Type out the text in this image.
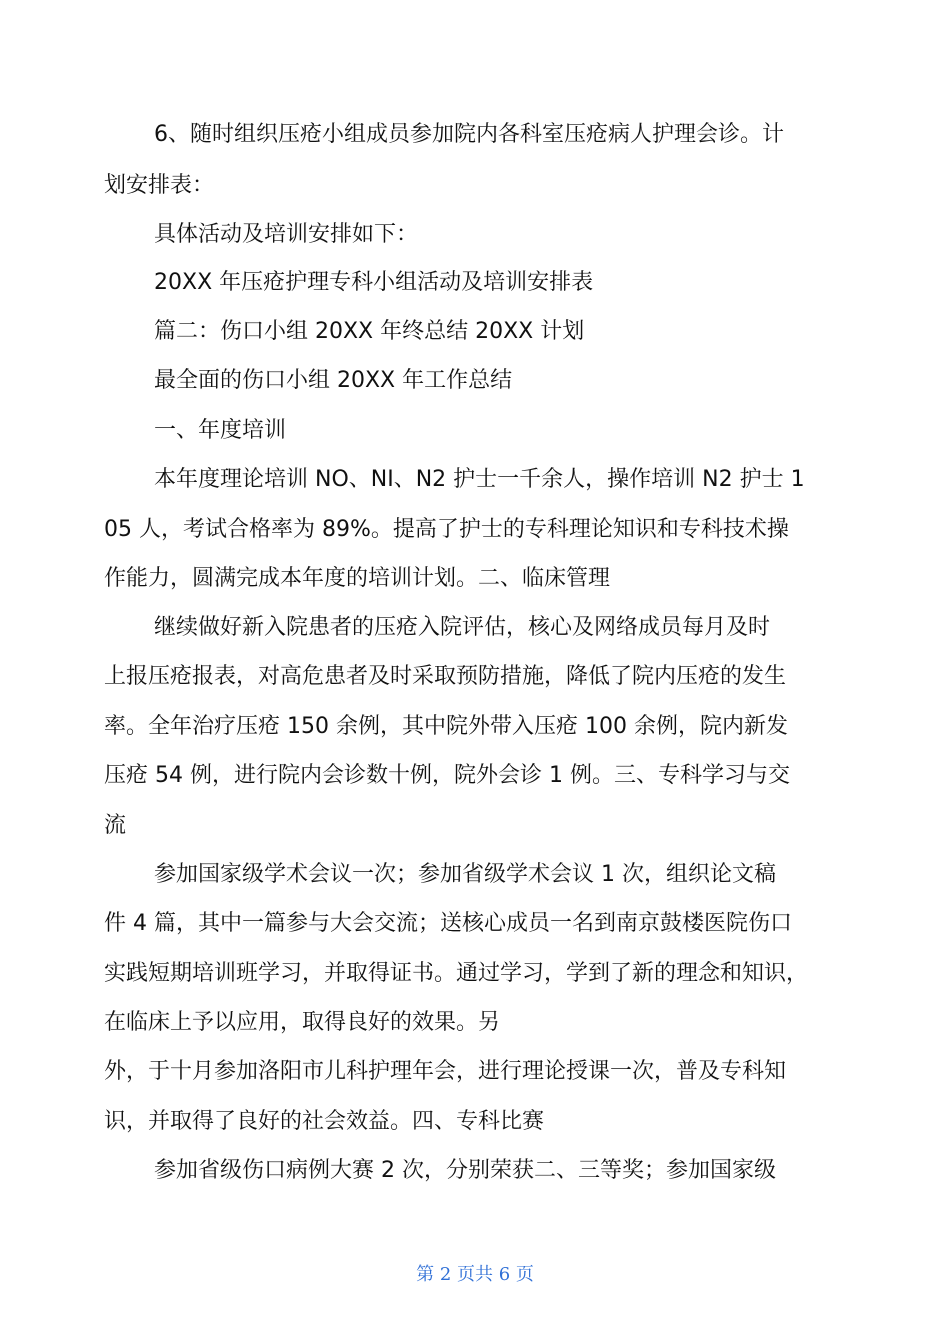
6、随时组织压疮小组成员参加院内各科室压疮病人护理会诊。计
划安排表：
具体活动及培训安排如下：
20XX 年压疮护理专科小组活动及培训安排表
篇二：伤口小组 20XX 年终总结 20XX 计划
最全面的伤口小组 20XX 年工作总结
一、年度培训
本年度理论培训 NO、NI、N2 护士一千余人，操作培训 N2 护士 1
05 人，考试合格率为 89%。提高了护士的专科理论知识和专科技术操
作能力，圆满完成本年度的培训计划。二、临床管理
继续做好新入院患者的压疮入院评估，核心及网络成员每月及时
上报压疮报表，对高危患者及时采取预防措施，降低了院内压疮的发生
率。全年治疗压疮 150 余例，其中院外带入压疮 100 余例，院内新发
压疮 54 例，进行院内会诊数十例，院外会诊 1 例。三、专科学习与交
流
参加国家级学术会议一次；参加省级学术会议 1 次，组织论文稿
件 4 篇，其中一篇参与大会交流；送核心成员一名到南京鼓楼医院伤口
实践短期培训班学习，并取得证书。通过学习，学到了新的理念和知识，
在临床上予以应用，取得良好的效果。另
外，于十月参加洛阳市儿科护理年会，进行理论授课一次，普及专科知
识，并取得了良好的社会效益。四、专科比赛
参加省级伤口病例大赛 2 次，分别荣获二、三等奖；参加国家级
第 2 页共 6 页
